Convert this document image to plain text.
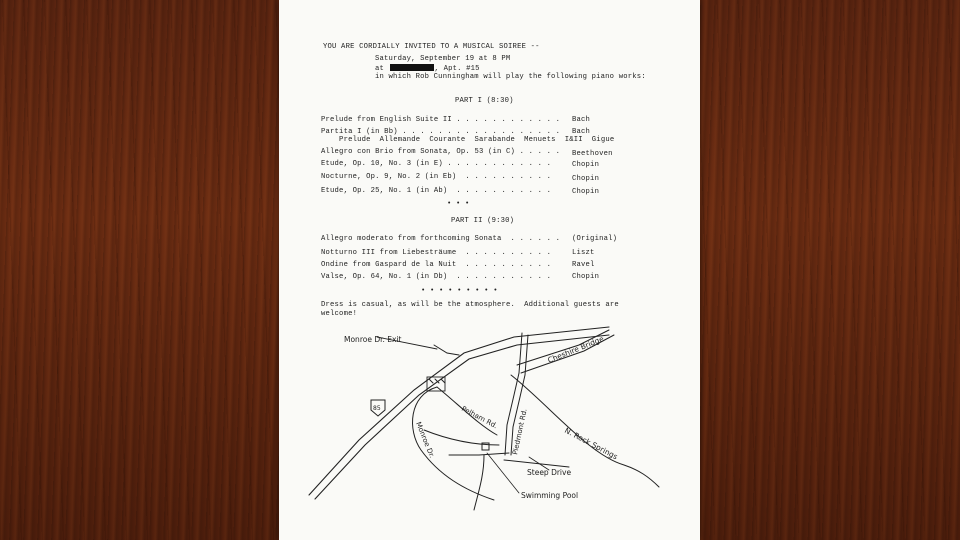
YOU ARE CORDIALLY INVITED TO A MUSICAL SOIREE --
Saturday, September 19 at 8 PM
at	, Apt. #15
in which Rob Cunningham will play the following piano works:
PART I (8:30)
Prelude from English Suite II . . . . . . . . . . . . Bach
Partita I (in Bb) . . . . . . . . . . . . . . . . . . Bach
Prelude  Allemande  Courante  Sarabande  Menuets  I&II  Gigue
Allegro con Brio from Sonata, Op. 53 (in C) . . . . . Beethoven
Etude, Op. 10, No. 3 (in E) . . . . . . . . . . . .	Chopin
Nocturne, Op. 9, No. 2 (in Eb)  . . . . . . . . . .	Chopin
Etude, Op. 25, No. 1 (in Ab)  . . . . . . . . . . .	Chopin
• • •
PART II (9:30)
Allegro moderato from forthcoming Sonata  . . . . . . (Original)
Notturno III from Liebesträume  . . . . . . . . . .	Liszt
Ondine from Gaspard de la Nuit  . . . . . . . . . .	Ravel
Valse, Op. 64, No. 1 (in Db)  . . . . . . . . . . .	Chopin
• • • • • • • • •
Dress is casual, as will be the atmosphere.  Additional guests are
welcome!
85
Monroe Dr. Exit	Cheshire Bridge
Pelham Rd. Piedmont Rd.
Monroe Dr.	N. Rock Springs
Steep Drive
Swimming Pool
